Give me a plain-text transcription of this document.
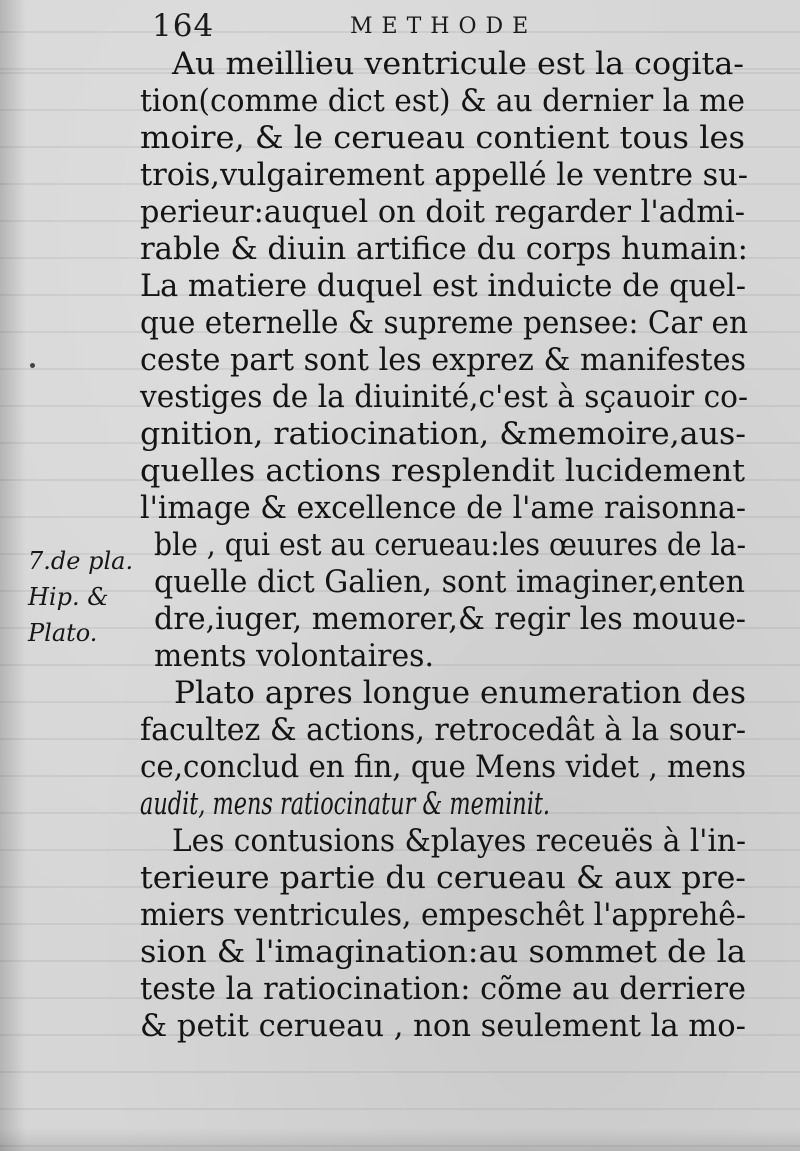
164	METHODE
7.de pla.
Hip. &
Plato.
Au meillieu ventricule est la cogita-
tion(comme dict est) & au dernier la me
moire, & le cerueau contient tous les
trois,vulgairement appellé le ventre su-
perieur:auquel on doit regarder l'admi-
rable & diuin artifice du corps humain:
La matiere duquel est induicte de quel-
que eternelle & supreme pensee: Car en
ceste part sont les exprez & manifestes
vestiges de la diuinité,c'est à sçauoir co-
gnition, ratiocination, &memoire,aus-
quelles actions resplendit lucidement
l'image & excellence de l'ame raisonna-
ble , qui est au cerueau:les œuures de la-
quelle dict Galien, sont imaginer,enten
dre,iuger, memorer,& regir les mouue-
ments volontaires.
Plato apres longue enumeration des
facultez & actions, retrocedât à la sour-
ce,conclud en fin, que Mens videt , mens
audit, mens ratiocinatur & meminit.
Les contusions &playes receuës à l'in-
terieure partie du cerueau & aux pre-
miers ventricules, empeschêt l'apprehê-
sion & l'imagination:au sommet de la
teste la ratiocination: cõme au derriere
& petit cerueau , non seulement la mo-
